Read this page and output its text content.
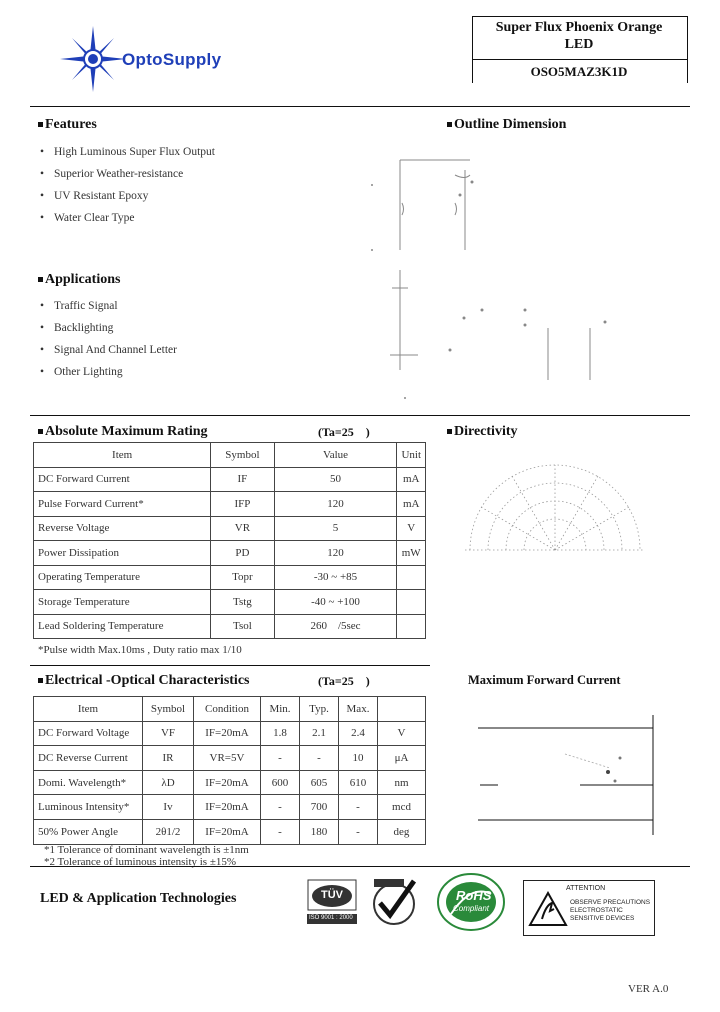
OptoSupply
Super Flux Phoenix Orange
LED
OSO5MAZ3K1D
Features
• High Luminous Super Flux Output
• Superior Weather-resistance
• UV Resistant Epoxy
• Water Clear Type
Outline Dimension
Applications
• Traffic Signal
• Backlighting
• Signal And Channel Letter
• Other Lighting
Absolute Maximum Rating	(Ta=25    )
Item	Symbol	Value	Unit
DC Forward Current	IF	50	mA
Pulse Forward Current*	IFP	120	mA
Reverse Voltage	VR	5	V
Power Dissipation	PD	120	mW
Operating Temperature	Topr	-30 ~ +85	
Storage Temperature	Tstg	-40 ~ +100	
Lead Soldering Temperature	Tsol	260    /5sec	
*Pulse width Max.10ms , Duty ratio max 1/10
Directivity
Electrical -Optical Characteristics	(Ta=25    )
Item	Symbol	Condition	Min.	Typ.	Max.	
DC Forward Voltage	VF	IF=20mA	1.8	2.1	2.4	V
DC Reverse Current	IR	VR=5V	-	-	10	μA
Domi. Wavelength*	λD	IF=20mA	600	605	610	nm
Luminous Intensity*	Iv	IF=20mA	-	700	-	mcd
50% Power Angle	2θ1/2	IF=20mA	-	180	-	deg
*1 Tolerance of dominant wavelength is ±1nm
*2 Tolerance of luminous intensity is ±15%
Maximum Forward Current
LED & Application Technologies	TÜV
ISO 9001 : 2000
RoHS
Compliant
ATTENTION
OBSERVE PRECAUTIONS
ELECTROSTATIC
SENSITIVE DEVICES
VER A.0
